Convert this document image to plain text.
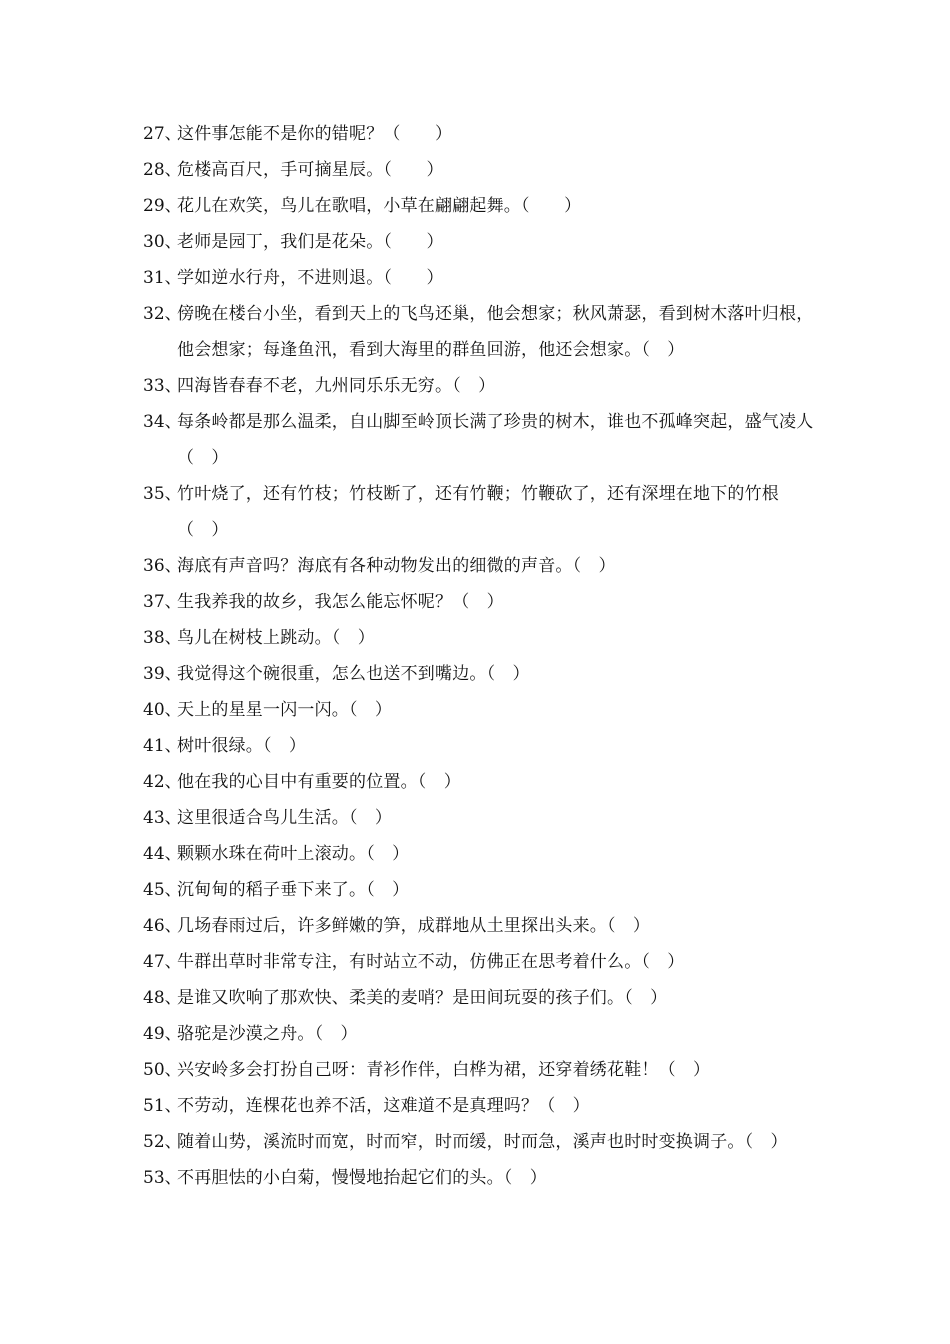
27、
这件事怎能不是你的错呢？（　　）
28、
危楼高百尺，手可摘星辰。（　　）
29、
花儿在欢笑，鸟儿在歌唱，小草在翩翩起舞。（　　）
30、
老师是园丁，我们是花朵。（　　）
31、
学如逆水行舟，不进则退。（　　）
32、
傍晚在楼台小坐，看到天上的飞鸟还巢，他会想家；秋风萧瑟，看到树木落叶归根，他会想家；每逢鱼汛，看到大海里的群鱼回游，他还会想家。（　）
33、
四海皆春春不老，九州同乐乐无穷。（　）
34、
每条岭都是那么温柔，自山脚至岭顶长满了珍贵的树木，谁也不孤峰突起，盛气凌人（　）
35、
竹叶烧了，还有竹枝；竹枝断了，还有竹鞭；竹鞭砍了，还有深埋在地下的竹根（　）
36、
海底有声音吗？海底有各种动物发出的细微的声音。（　）
37、
生我养我的故乡，我怎么能忘怀呢？（　）
38、
鸟儿在树枝上跳动。（　）
39、
我觉得这个碗很重，怎么也送不到嘴边。（　）
40、
天上的星星一闪一闪。（　）
41、
树叶很绿。（　）
42、
他在我的心目中有重要的位置。（　）
43、
这里很适合鸟儿生活。（　）
44、
颗颗水珠在荷叶上滚动。（　）
45、
沉甸甸的稻子垂下来了。（　）
46、
几场春雨过后，许多鲜嫩的笋，成群地从土里探出头来。（　）
47、
牛群出草时非常专注，有时站立不动，仿佛正在思考着什么。（　）
48、
是谁又吹响了那欢快、柔美的麦哨？是田间玩耍的孩子们。（　）
49、
骆驼是沙漠之舟。（　）
50、
兴安岭多会打扮自己呀：青衫作伴，白桦为裙，还穿着绣花鞋！（　）
51、
不劳动，连棵花也养不活，这难道不是真理吗？（　）
52、
随着山势，溪流时而宽，时而窄，时而缓，时而急，溪声也时时变换调子。（　）
53、
不再胆怯的小白菊，慢慢地抬起它们的头。（　）
